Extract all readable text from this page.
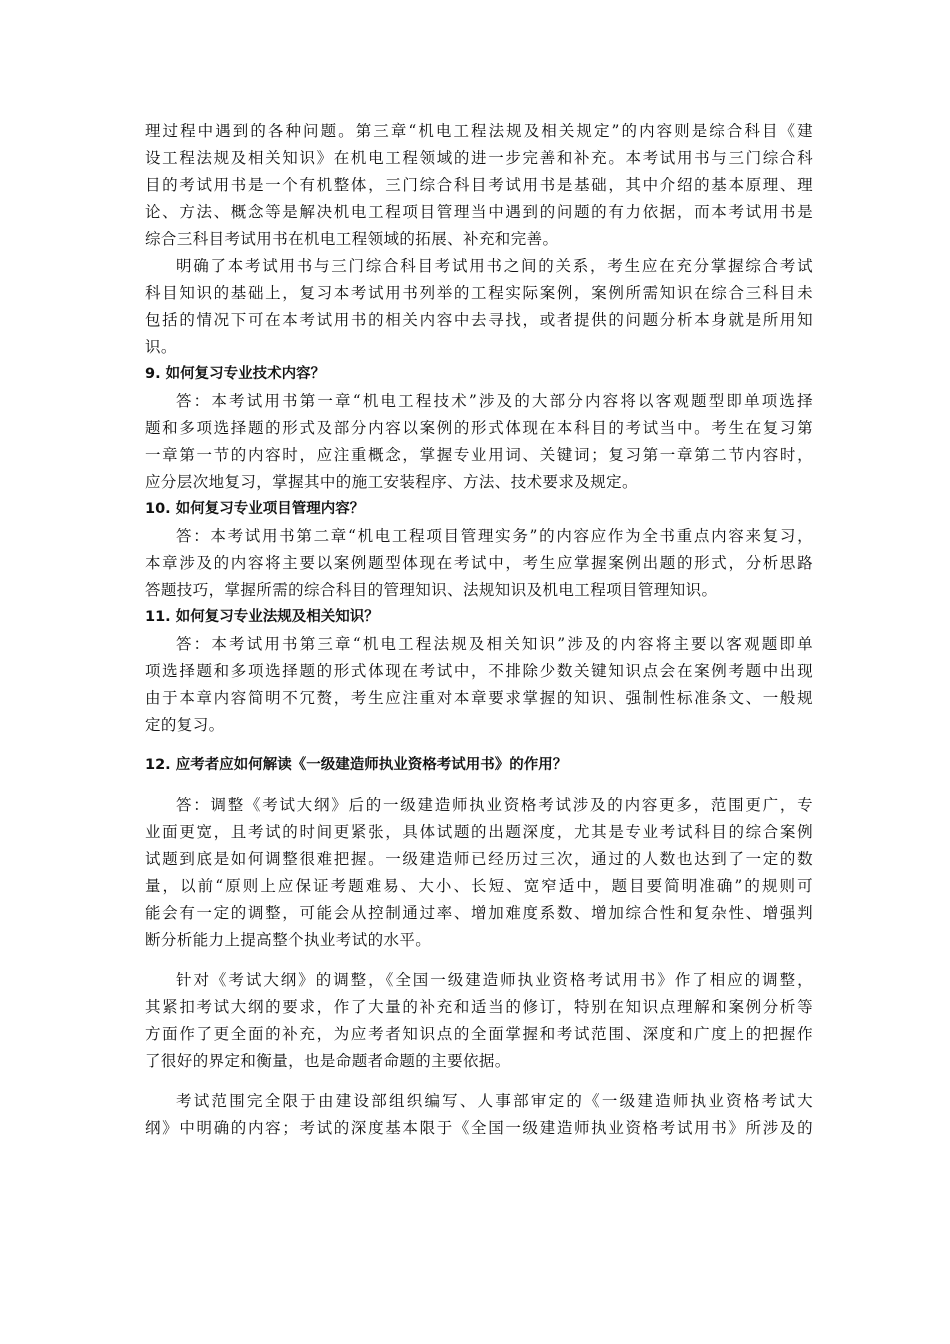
理过程中遇到的各种问题。第三章“机电工程法规及相关规定”的内容则是综合科目《建

设工程法规及相关知识》在机电工程领域的进一步完善和补充。本考试用书与三门综合科

目的考试用书是一个有机整体，三门综合科目考试用书是基础，其中介绍的基本原理、理

论、方法、概念等是解决机电工程项目管理当中遇到的问题的有力依据，而本考试用书是

综合三科目考试用书在机电工程领域的拓展、补充和完善。

明确了本考试用书与三门综合科目考试用书之间的关系，考生应在充分掌握综合考试

科目知识的基础上，复习本考试用书列举的工程实际案例，案例所需知识在综合三科目未

包括的情况下可在本考试用书的相关内容中去寻找，或者提供的问题分析本身就是所用知

识。

9. 如何复习专业技术内容？

答：本考试用书第一章“机电工程技术”涉及的大部分内容将以客观题型即单项选择

题和多项选择题的形式及部分内容以案例的形式体现在本科目的考试当中。考生在复习第

一章第一节的内容时，应注重概念，掌握专业用词、关键词；复习第一章第二节内容时，

应分层次地复习，掌握其中的施工安装程序、方法、技术要求及规定。

10. 如何复习专业项目管理内容？

答：本考试用书第二章“机电工程项目管理实务”的内容应作为全书重点内容来复习，

本章涉及的内容将主要以案例题型体现在考试中，考生应掌握案例出题的形式，分析思路

答题技巧，掌握所需的综合科目的管理知识、法规知识及机电工程项目管理知识。

11. 如何复习专业法规及相关知识？

答：本考试用书第三章“机电工程法规及相关知识”涉及的内容将主要以客观题即单

项选择题和多项选择题的形式体现在考试中，不排除少数关键知识点会在案例考题中出现

由于本章内容简明不冗赘，考生应注重对本章要求掌握的知识、强制性标准条文、一般规

定的复习。

12. 应考者应如何解读《一级建造师执业资格考试用书》的作用？

答：调整《考试大纲》后的一级建造师执业资格考试涉及的内容更多，范围更广，专

业面更宽，且考试的时间更紧张，具体试题的出题深度，尤其是专业考试科目的综合案例

试题到底是如何调整很难把握。一级建造师已经历过三次，通过的人数也达到了一定的数

量，以前“原则上应保证考题难易、大小、长短、宽窄适中，题目要简明准确”的规则可

能会有一定的调整，可能会从控制通过率、增加难度系数、增加综合性和复杂性、增强判

断分析能力上提高整个执业考试的水平。

针对《考试大纲》的调整，《全国一级建造师执业资格考试用书》作了相应的调整，

其紧扣考试大纲的要求，作了大量的补充和适当的修订，特别在知识点理解和案例分析等

方面作了更全面的补充，为应考者知识点的全面掌握和考试范围、深度和广度上的把握作

了很好的界定和衡量，也是命题者命题的主要依据。

考试范围完全限于由建设部组织编写、人事部审定的《一级建造师执业资格考试大

纲》中明确的内容；考试的深度基本限于《全国一级建造师执业资格考试用书》所涉及的
